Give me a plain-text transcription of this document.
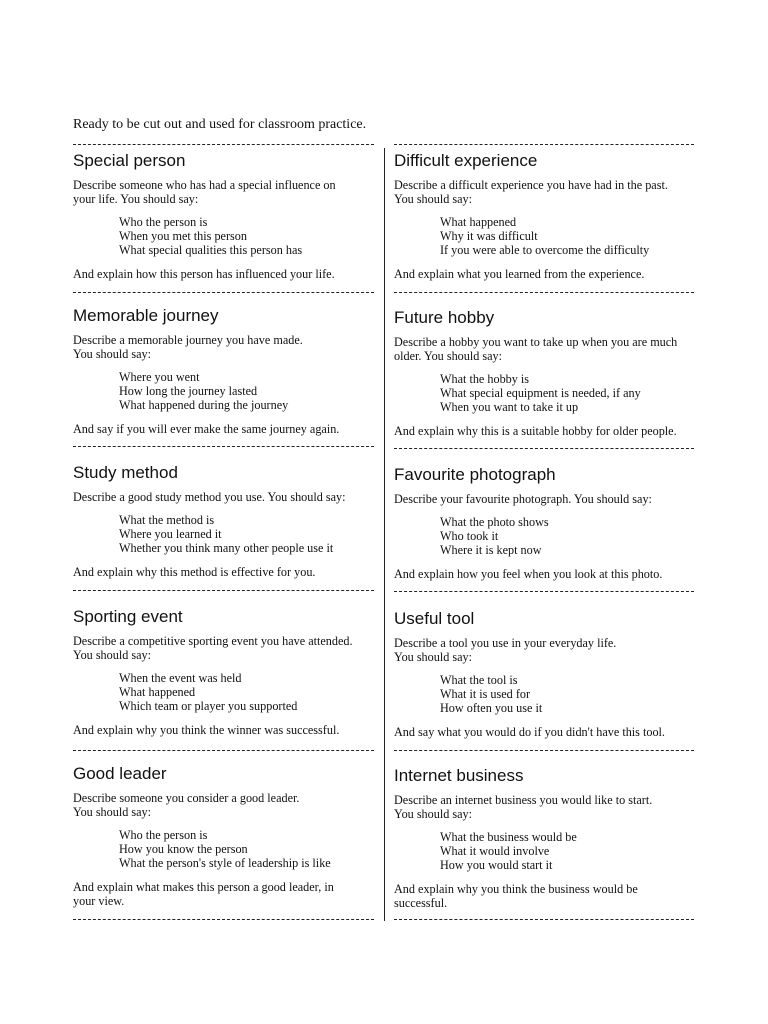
Ready to be cut out and used for classroom practice.
Special person
Describe someone who has had a special influence on
your life. You should say:
Who the person is
When you met this person
What special qualities this person has
And explain how this person has influenced your life.
Difficult experience
Describe a difficult experience you have had in the past.
You should say:
What happened
Why it was difficult
If you were able to overcome the difficulty
And explain what you learned from the experience.
Memorable journey
Describe a memorable journey you have made.
You should say:
Where you went
How long the journey lasted
What happened during the journey
And say if you will ever make the same journey again.
Future hobby
Describe a hobby you want to take up when you are much
older. You should say:
What the hobby is
What special equipment is needed, if any
When you want to take it up
And explain why this is a suitable hobby for older people.
Study method
Describe a good study method you use. You should say:
What the method is
Where you learned it
Whether you think many other people use it
And explain why this method is effective for you.
Favourite photograph
Describe your favourite photograph. You should say:
What the photo shows
Who took it
Where it is kept now
And explain how you feel when you look at this photo.
Sporting event
Describe a competitive sporting event you have attended.
You should say:
When the event was held
What happened
Which team or player you supported
And explain why you think the winner was successful.
Useful tool
Describe a tool you use in your everyday life.
You should say:
What the tool is
What it is used for
How often you use it
And say what you would do if you didn't have this tool.
Good leader
Describe someone you consider a good leader.
You should say:
Who the person is
How you know the person
What the person's style of leadership is like
And explain what makes this person a good leader, in
your view.
Internet business
Describe an internet business you would like to start.
You should say:
What the business would be
What it would involve
How you would start it
And explain why you think the business would be
successful.
